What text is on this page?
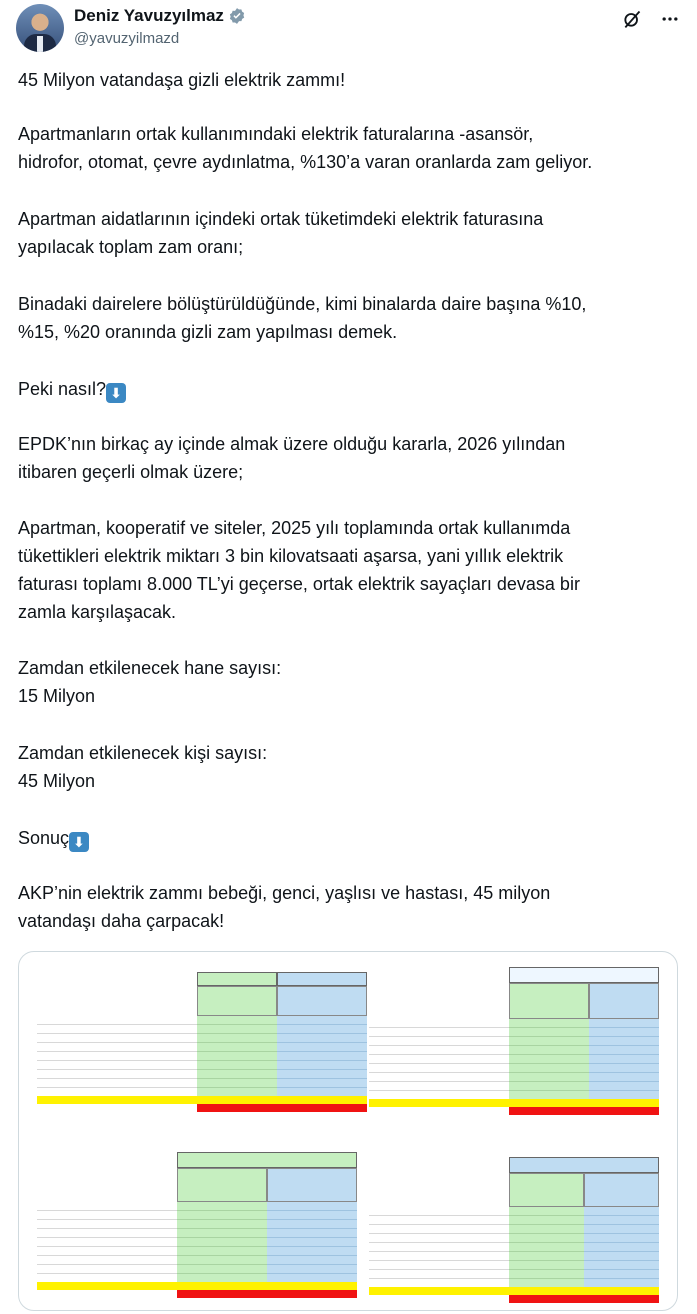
Deniz Yavuzyılmaz
@yavuzyilmazd

45 Milyon vatandaşa gizli elektrik zammı!

Apartmanların ortak kullanımındaki elektrik faturalarına -asansör,
hidrofor, otomat, çevre aydınlatma, %130’a varan oranlarda zam geliyor.

Apartman aidatlarının içindeki ortak tüketimdeki elektrik faturasına
yapılacak toplam zam oranı;

Binadaki dairelere bölüştürüldüğünde, kimi binalarda daire başına %10,
%15, %20 oranında gizli zam yapılması demek.

Peki nasıl? ⬇

EPDK’nın birkaç ay içinde almak üzere olduğu kararla, 2026 yılından
itibaren geçerli olmak üzere;

Apartman, kooperatif ve siteler, 2025 yılı toplamında ortak kullanımda
tükettikleri elektrik miktarı 3 bin kilovatsaati aşarsa, yani yıllık elektrik
faturası toplamı 8.000 TL’yi geçerse, ortak elektrik sayaçları devasa bir
zamla karşılaşacak.

Zamdan etkilenecek hane sayısı:
15 Milyon

Zamdan etkilenecek kişi sayısı:
45 Milyon

Sonuç ⬇

AKP’nin elektrik zammı bebeği, genci, yaşlısı ve hastası, 45 milyon
vatandaşı daha çarpacak!
